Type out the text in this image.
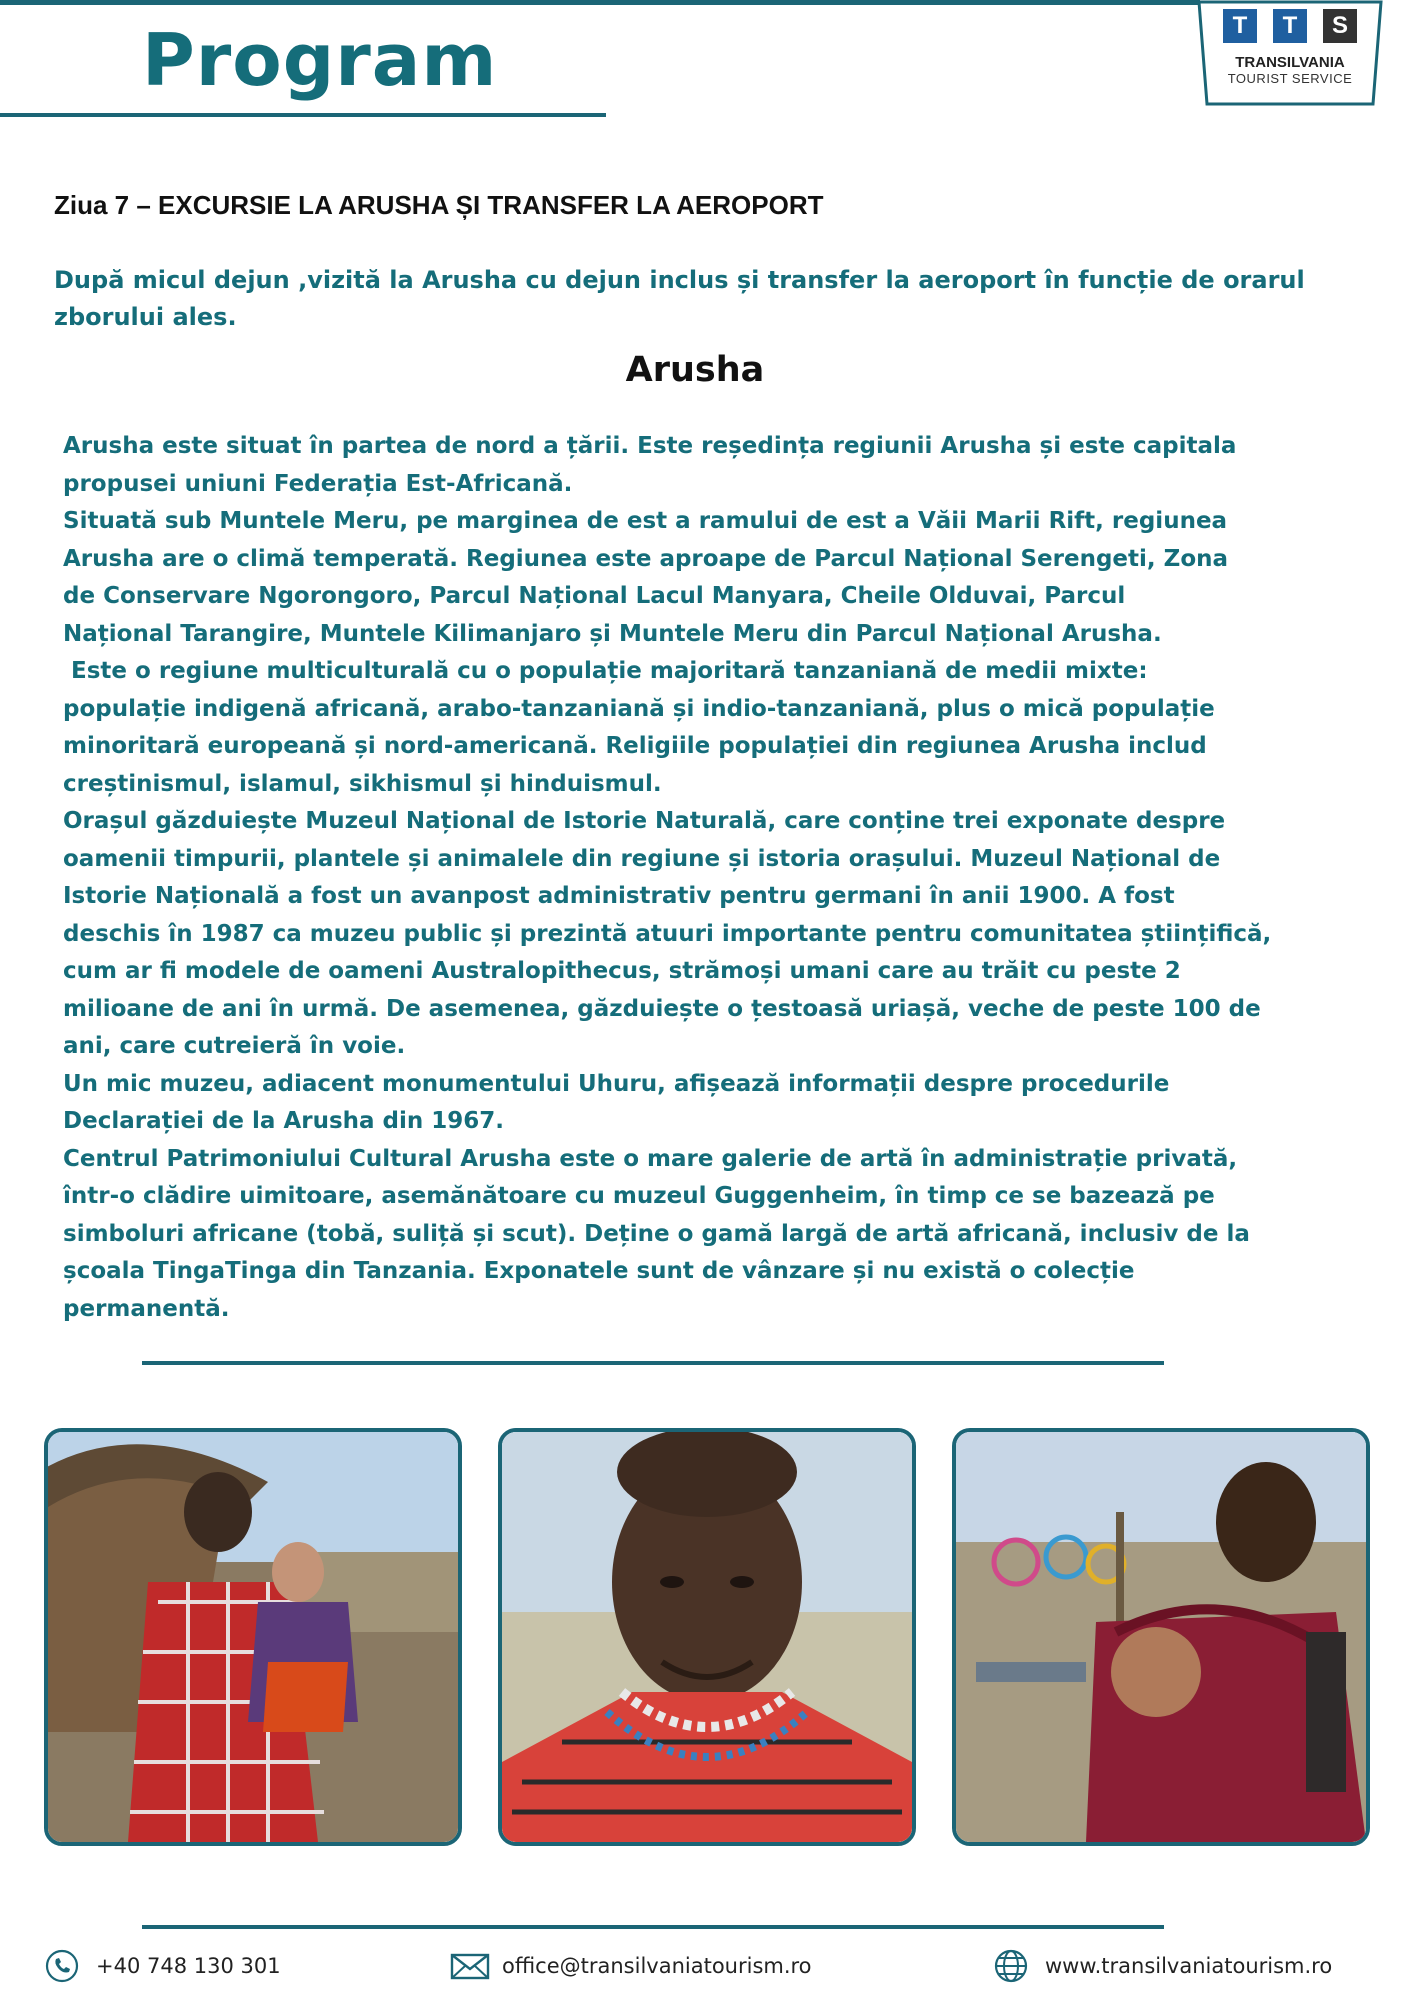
Program	T	T	S
TRANSILVANIA
TOURIST SERVICE
Ziua 7 – EXCURSIE LA ARUSHA ȘI TRANSFER LA AEROPORT

După micul dejun ,vizită la Arusha cu dejun inclus și transfer la aeroport în funcție de orarul zborului ales.

Arusha

Arusha este situat în partea de nord a țării. Este reședința regiunii Arusha și este capitala

propusei uniuni Federația Est-Africană.

Situată sub Muntele Meru, pe marginea de est a ramului de est a Văii Marii Rift, regiunea

Arusha are o climă temperată. Regiunea este aproape de Parcul Național Serengeti, Zona

de Conservare Ngorongoro, Parcul Național Lacul Manyara, Cheile Olduvai, Parcul

Național Tarangire, Muntele Kilimanjaro și Muntele Meru din Parcul Național Arusha.

Este o regiune multiculturală cu o populație majoritară tanzaniană de medii mixte:

populație indigenă africană, arabo-tanzaniană și indio-tanzaniană, plus o mică populație

minoritară europeană și nord-americană. Religiile populației din regiunea Arusha includ

creștinismul, islamul, sikhismul și hinduismul.

Orașul găzduiește Muzeul Național de Istorie Naturală, care conține trei exponate despre

oamenii timpurii, plantele și animalele din regiune și istoria orașului. Muzeul Național de

Istorie Națională a fost un avanpost administrativ pentru germani în anii 1900. A fost

deschis în 1987 ca muzeu public și prezintă atuuri importante pentru comunitatea științifică,

cum ar fi modele de oameni Australopithecus, strămoși umani care au trăit cu peste 2

milioane de ani în urmă. De asemenea, găzduiește o țestoasă uriașă, veche de peste 100 de

ani, care cutreieră în voie.

Un mic muzeu, adiacent monumentului Uhuru, afișează informații despre procedurile

Declarației de la Arusha din 1967.

Centrul Patrimoniului Cultural Arusha este o mare galerie de artă în administrație privată,

într-o clădire uimitoare, asemănătoare cu muzeul Guggenheim, în timp ce se bazează pe

simboluri africane (tobă, suliță și scut). Deține o gamă largă de artă africană, inclusiv de la

școala TingaTinga din Tanzania. Exponatele sunt de vânzare și nu există o colecție

permanentă.

+40 748 130 301	office@transilvaniatourism.ro	www.transilvaniatourism.ro
